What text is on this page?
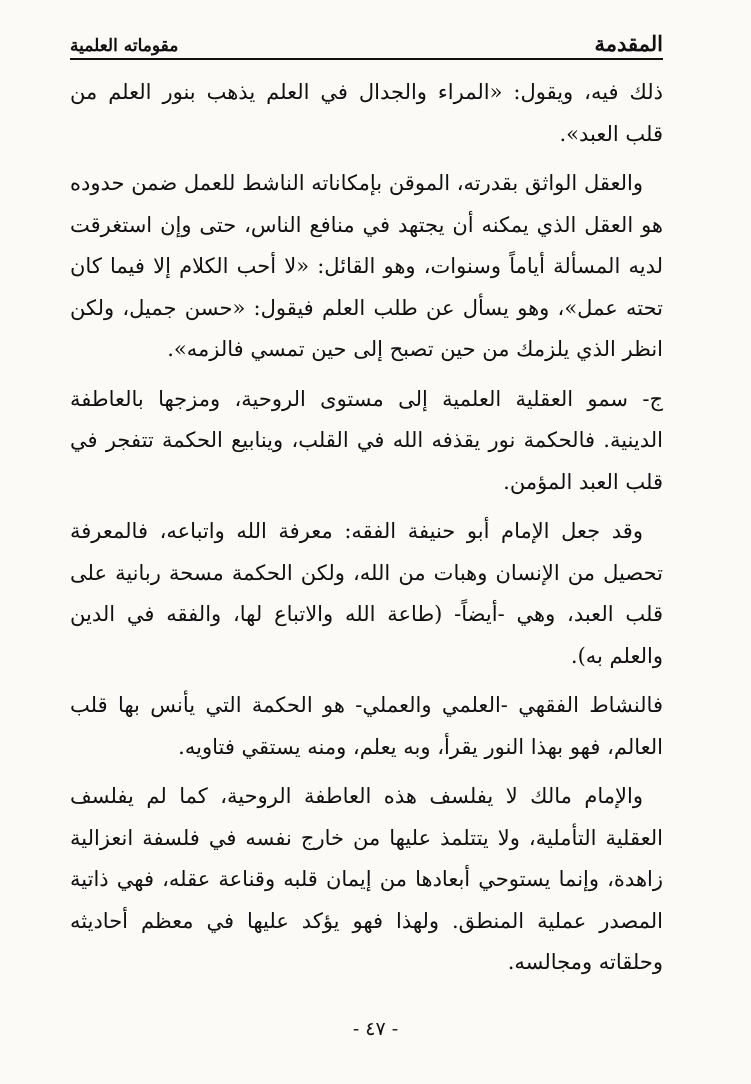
المقدمة
مقوماته العلمية

ذلك فيه، ويقول: «المراء والجدال في العلم يذهب بنور العلم من قلب العبد».

والعقل الواثق بقدرته، الموقن بإمكاناته الناشط للعمل ضمن حدوده هو العقل الذي يمكنه أن يجتهد في منافع الناس، حتى وإن استغرقت لديه المسألة أياماً وسنوات، وهو القائل: «لا أحب الكلام إلا فيما كان تحته عمل»، وهو يسأل عن طلب العلم فيقول: «حسن جميل، ولكن انظر الذي يلزمك من حين تصبح إلى حين تمسي فالزمه».

ج- سمو العقلية العلمية إلى مستوى الروحية، ومزجها بالعاطفة الدينية. فالحكمة نور يقذفه الله في القلب، وينابيع الحكمة تتفجر في قلب العبد المؤمن.

وقد جعل الإمام أبو حنيفة الفقه: معرفة الله واتباعه، فالمعرفة تحصيل من الإنسان وهبات من الله، ولكن الحكمة مسحة ربانية على قلب العبد، وهي -أيضاً- (طاعة الله والاتباع لها، والفقه في الدين والعلم به).

فالنشاط الفقهي -العلمي والعملي- هو الحكمة التي يأنس بها قلب العالم، فهو بهذا النور يقرأ، وبه يعلم، ومنه يستقي فتاويه.

والإمام مالك لا يفلسف هذه العاطفة الروحية، كما لم يفلسف العقلية التأملية، ولا يتتلمذ عليها من خارج نفسه في فلسفة انعزالية زاهدة، وإنما يستوحي أبعادها من إيمان قلبه وقناعة عقله، فهي ذاتية المصدر عملية المنطق. ولهذا فهو يؤكد عليها في معظم أحاديثه وحلقاته ومجالسه.

- ٤٧ -
